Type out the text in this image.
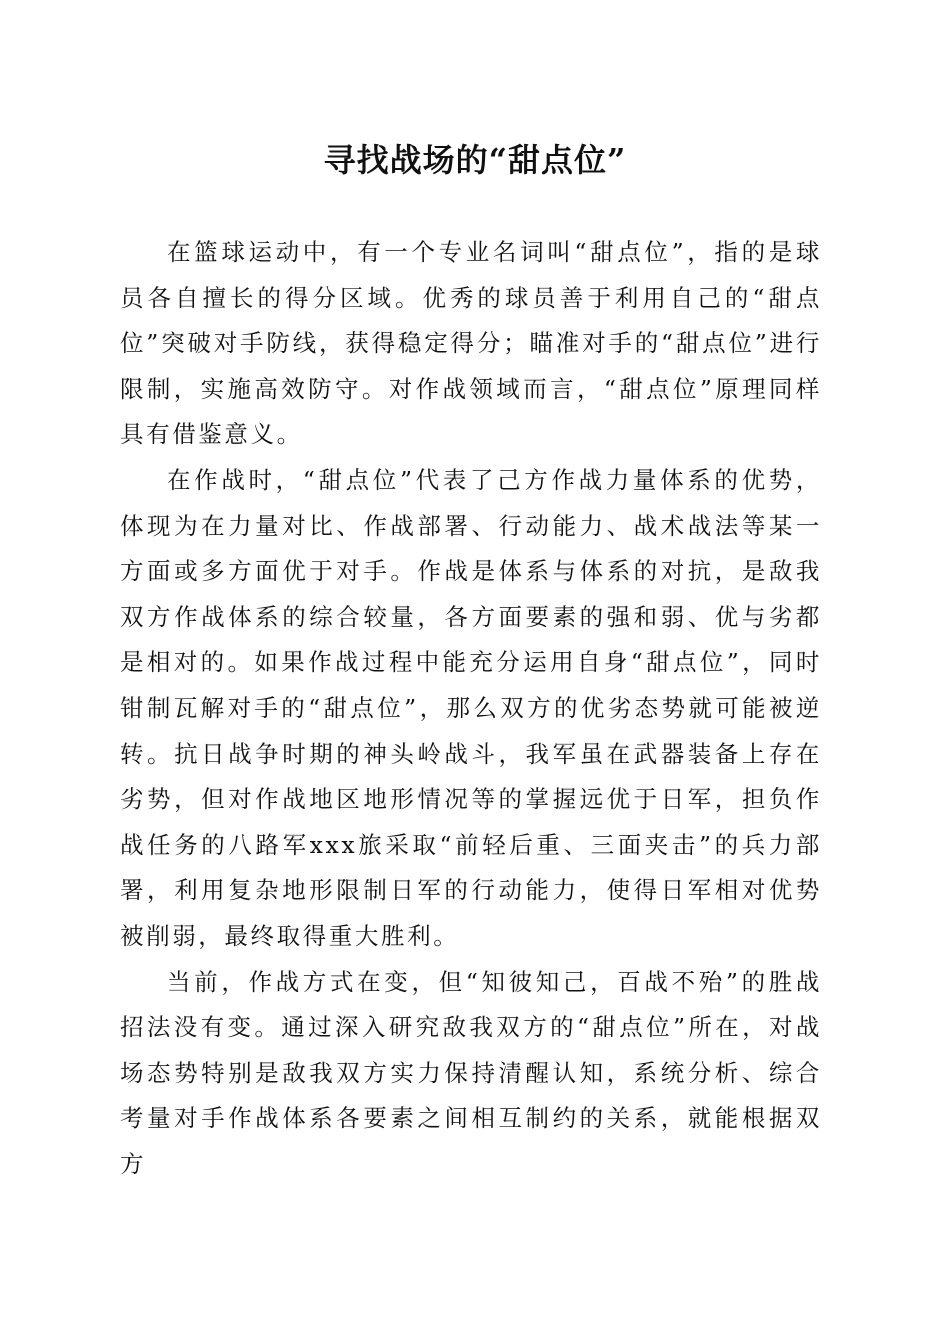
寻找战场的“甜点位”

在篮球运动中，有一个专业名词叫“甜点位”，指的是球员各自擅长的得分区域。优秀的球员善于利用自己的“甜点位”突破对手防线，获得稳定得分；瞄准对手的“甜点位”进行限制，实施高效防守。对作战领域而言，“甜点位”原理同样具有借鉴意义。

在作战时，“甜点位”代表了己方作战力量体系的优势，体现为在力量对比、作战部署、行动能力、战术战法等某一方面或多方面优于对手。作战是体系与体系的对抗，是敌我双方作战体系的综合较量，各方面要素的强和弱、优与劣都是相对的。如果作战过程中能充分运用自身“甜点位”，同时钳制瓦解对手的“甜点位”，那么双方的优劣态势就可能被逆转。抗日战争时期的神头岭战斗，我军虽在武器装备上存在劣势，但对作战地区地形情况等的掌握远优于日军，担负作战任务的八路军xxx旅采取“前轻后重、三面夹击”的兵力部署，利用复杂地形限制日军的行动能力，使得日军相对优势被削弱，最终取得重大胜利。

当前，作战方式在变，但“知彼知己，百战不殆”的胜战招法没有变。通过深入研究敌我双方的“甜点位”所在，对战场态势特别是敌我双方实力保持清醒认知，系统分析、综合考量对手作战体系各要素之间相互制约的关系，就能根据双方
